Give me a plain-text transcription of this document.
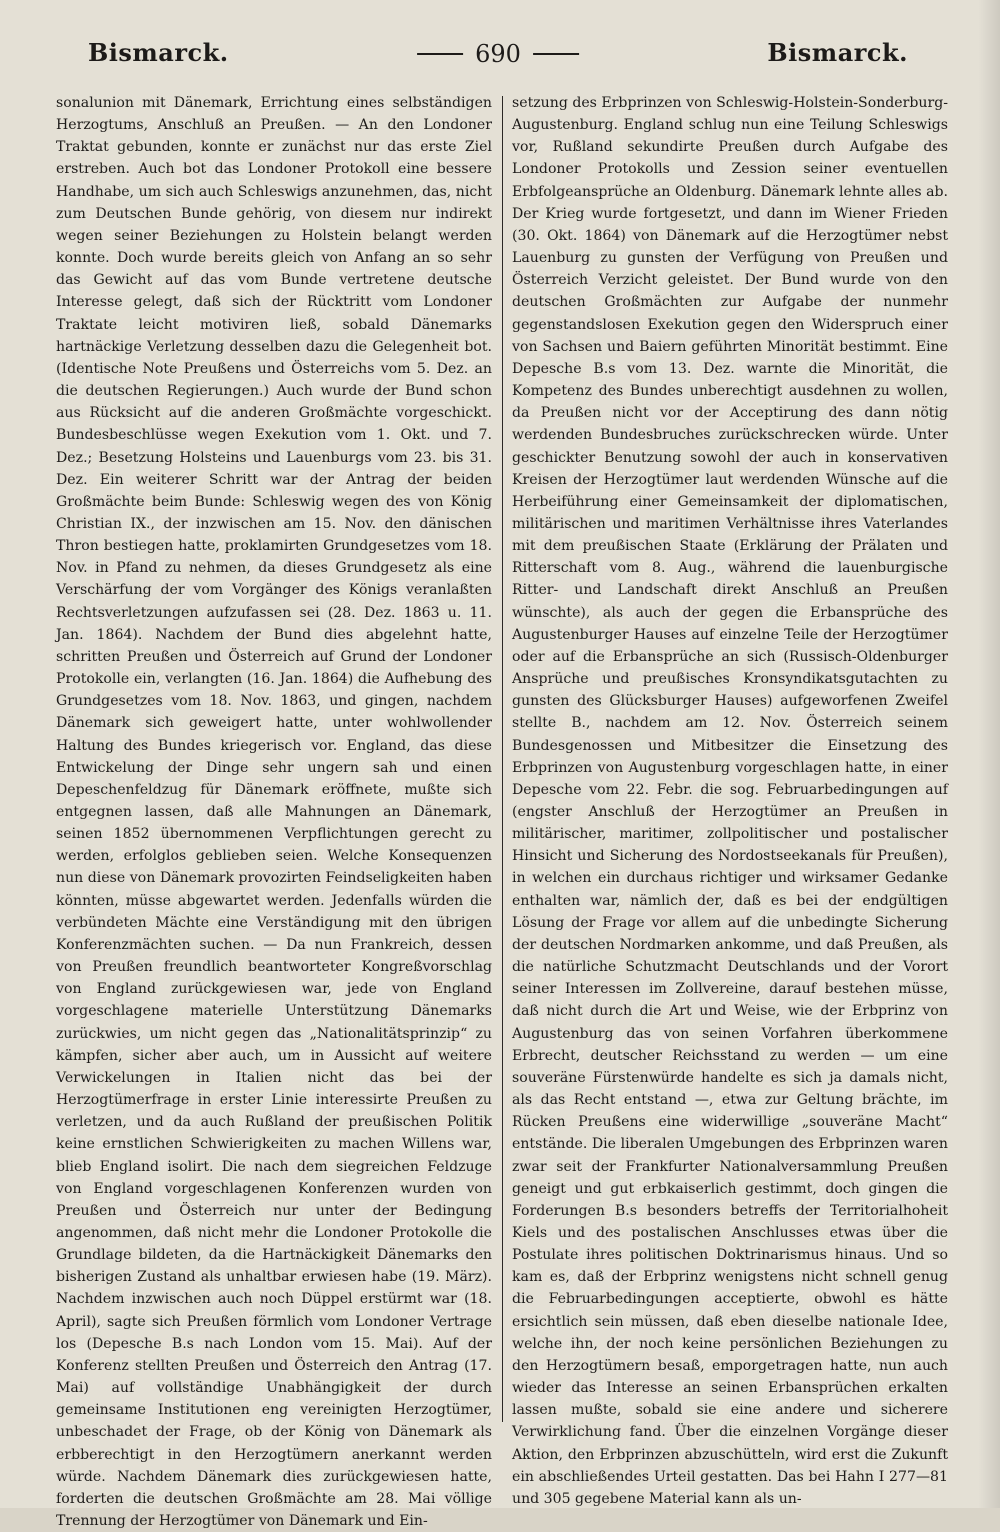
Bismarck.	690	Bismarck.
sonalunion mit Dänemark, Errichtung eines selbständigen Herzogtums, Anschluß an Preußen. — An den Londoner Traktat gebunden, konnte er zunächst nur das erste Ziel erstreben. Auch bot das Londoner Protokoll eine bessere Handhabe, um sich auch Schleswigs anzunehmen, das, nicht zum Deutschen Bunde gehörig, von diesem nur indirekt wegen seiner Beziehungen zu Holstein belangt werden konnte. Doch wurde bereits gleich von Anfang an so sehr das Gewicht auf das vom Bunde vertretene deutsche Interesse gelegt, daß sich der Rücktritt vom Londoner Traktate leicht motiviren ließ, sobald Dänemarks hartnäckige Verletzung desselben dazu die Gelegenheit bot. (Identische Note Preußens und Österreichs vom 5. Dez. an die deutschen Regierungen.) Auch wurde der Bund schon aus Rücksicht auf die anderen Großmächte vorgeschickt. Bundesbeschlüsse wegen Exekution vom 1. Okt. und 7. Dez.; Besetzung Holsteins und Lauenburgs vom 23. bis 31. Dez. Ein weiterer Schritt war der Antrag der beiden Großmächte beim Bunde: Schleswig wegen des von König Christian IX., der inzwischen am 15. Nov. den dänischen Thron bestiegen hatte, proklamirten Grundgesetzes vom 18. Nov. in Pfand zu nehmen, da dieses Grundgesetz als eine Verschärfung der vom Vorgänger des Königs veranlaßten Rechtsverletzungen aufzufassen sei (28. Dez. 1863 u. 11. Jan. 1864). Nachdem der Bund dies abgelehnt hatte, schritten Preußen und Österreich auf Grund der Londoner Protokolle ein, verlangten (16. Jan. 1864) die Aufhebung des Grundgesetzes vom 18. Nov. 1863, und gingen, nachdem Dänemark sich geweigert hatte, unter wohlwollender Haltung des Bundes kriegerisch vor. England, das diese Entwickelung der Dinge sehr ungern sah und einen Depeschenfeldzug für Dänemark eröffnete, mußte sich entgegnen lassen, daß alle Mahnungen an Dänemark, seinen 1852 übernommenen Verpflichtungen gerecht zu werden, erfolglos geblieben seien. Welche Konsequenzen nun diese von Dänemark provozirten Feindseligkeiten haben könnten, müsse abgewartet werden. Jedenfalls würden die verbündeten Mächte eine Verständigung mit den übrigen Konferenzmächten suchen. — Da nun Frankreich, dessen von Preußen freundlich beantworteter Kongreßvorschlag von England zurückgewiesen war, jede von England vorgeschlagene materielle Unterstützung Dänemarks zurückwies, um nicht gegen das „Nationalitätsprinzip“ zu kämpfen, sicher aber auch, um in Aussicht auf weitere Verwickelungen in Italien nicht das bei der Herzogtümerfrage in erster Linie interessirte Preußen zu verletzen, und da auch Rußland der preußischen Politik keine ernstlichen Schwierigkeiten zu machen Willens war, blieb England isolirt. Die nach dem siegreichen Feldzuge von England vorgeschlagenen Konferenzen wurden von Preußen und Österreich nur unter der Bedingung angenommen, daß nicht mehr die Londoner Protokolle die Grundlage bildeten, da die Hartnäckigkeit Dänemarks den bisherigen Zustand als unhaltbar erwiesen habe (19. März). Nachdem inzwischen auch noch Düppel erstürmt war (18. April), sagte sich Preußen förmlich vom Londoner Vertrage los (Depesche B.s nach London vom 15. Mai). Auf der Konferenz stellten Preußen und Österreich den Antrag (17. Mai) auf vollständige Unabhängigkeit der durch gemeinsame Institutionen eng vereinigten Herzogtümer, unbeschadet der Frage, ob der König von Dänemark als erbberechtigt in den Herzogtümern anerkannt werden würde. Nachdem Dänemark dies zurückgewiesen hatte, forderten die deutschen Großmächte am 28. Mai völlige Trennung der Herzogtümer von Dänemark und Ein-
setzung des Erbprinzen von Schleswig-Holstein-Sonderburg-Augustenburg. England schlug nun eine Teilung Schleswigs vor, Rußland sekundirte Preußen durch Aufgabe des Londoner Protokolls und Zession seiner eventuellen Erbfolgeansprüche an Oldenburg. Dänemark lehnte alles ab. Der Krieg wurde fortgesetzt, und dann im Wiener Frieden (30. Okt. 1864) von Dänemark auf die Herzogtümer nebst Lauenburg zu gunsten der Verfügung von Preußen und Österreich Verzicht geleistet. Der Bund wurde von den deutschen Großmächten zur Aufgabe der nunmehr gegenstandslosen Exekution gegen den Widerspruch einer von Sachsen und Baiern geführten Minorität bestimmt. Eine Depesche B.s vom 13. Dez. warnte die Minorität, die Kompetenz des Bundes unberechtigt ausdehnen zu wollen, da Preußen nicht vor der Acceptirung des dann nötig werdenden Bundesbruches zurückschrecken würde. Unter geschickter Benutzung sowohl der auch in konservativen Kreisen der Herzogtümer laut werdenden Wünsche auf die Herbeiführung einer Gemeinsamkeit der diplomatischen, militärischen und maritimen Verhältnisse ihres Vaterlandes mit dem preußischen Staate (Erklärung der Prälaten und Ritterschaft vom 8. Aug., während die lauenburgische Ritter- und Landschaft direkt Anschluß an Preußen wünschte), als auch der gegen die Erbansprüche des Augustenburger Hauses auf einzelne Teile der Herzogtümer oder auf die Erbansprüche an sich (Russisch-Oldenburger Ansprüche und preußisches Kronsyndikatsgutachten zu gunsten des Glücksburger Hauses) aufgeworfenen Zweifel stellte B., nachdem am 12. Nov. Österreich seinem Bundesgenossen und Mitbesitzer die Einsetzung des Erbprinzen von Augustenburg vorgeschlagen hatte, in einer Depesche vom 22. Febr. die sog. Februarbedingungen auf (engster Anschluß der Herzogtümer an Preußen in militärischer, maritimer, zollpolitischer und postalischer Hinsicht und Sicherung des Nordostseekanals für Preußen), in welchen ein durchaus richtiger und wirksamer Gedanke enthalten war, nämlich der, daß es bei der endgültigen Lösung der Frage vor allem auf die unbedingte Sicherung der deutschen Nordmarken ankomme, und daß Preußen, als die natürliche Schutzmacht Deutschlands und der Vorort seiner Interessen im Zollvereine, darauf bestehen müsse, daß nicht durch die Art und Weise, wie der Erbprinz von Augustenburg das von seinen Vorfahren überkommene Erbrecht, deutscher Reichsstand zu werden — um eine souveräne Fürstenwürde handelte es sich ja damals nicht, als das Recht entstand —, etwa zur Geltung brächte, im Rücken Preußens eine widerwillige „souveräne Macht“ entstände. Die liberalen Umgebungen des Erbprinzen waren zwar seit der Frankfurter Nationalversammlung Preußen geneigt und gut erbkaiserlich gestimmt, doch gingen die Forderungen B.s besonders betreffs der Territorialhoheit Kiels und des postalischen Anschlusses etwas über die Postulate ihres politischen Doktrinarismus hinaus. Und so kam es, daß der Erbprinz wenigstens nicht schnell genug die Februarbedingungen acceptierte, obwohl es hätte ersichtlich sein müssen, daß eben dieselbe nationale Idee, welche ihn, der noch keine persönlichen Beziehungen zu den Herzogtümern besaß, emporgetragen hatte, nun auch wieder das Interesse an seinen Erbansprüchen erkalten lassen mußte, sobald sie eine andere und sicherere Verwirklichung fand. Über die einzelnen Vorgänge dieser Aktion, den Erbprinzen abzuschütteln, wird erst die Zukunft ein abschließendes Urteil gestatten. Das bei Hahn I 277—81 und 305 gegebene Material kann als un-
